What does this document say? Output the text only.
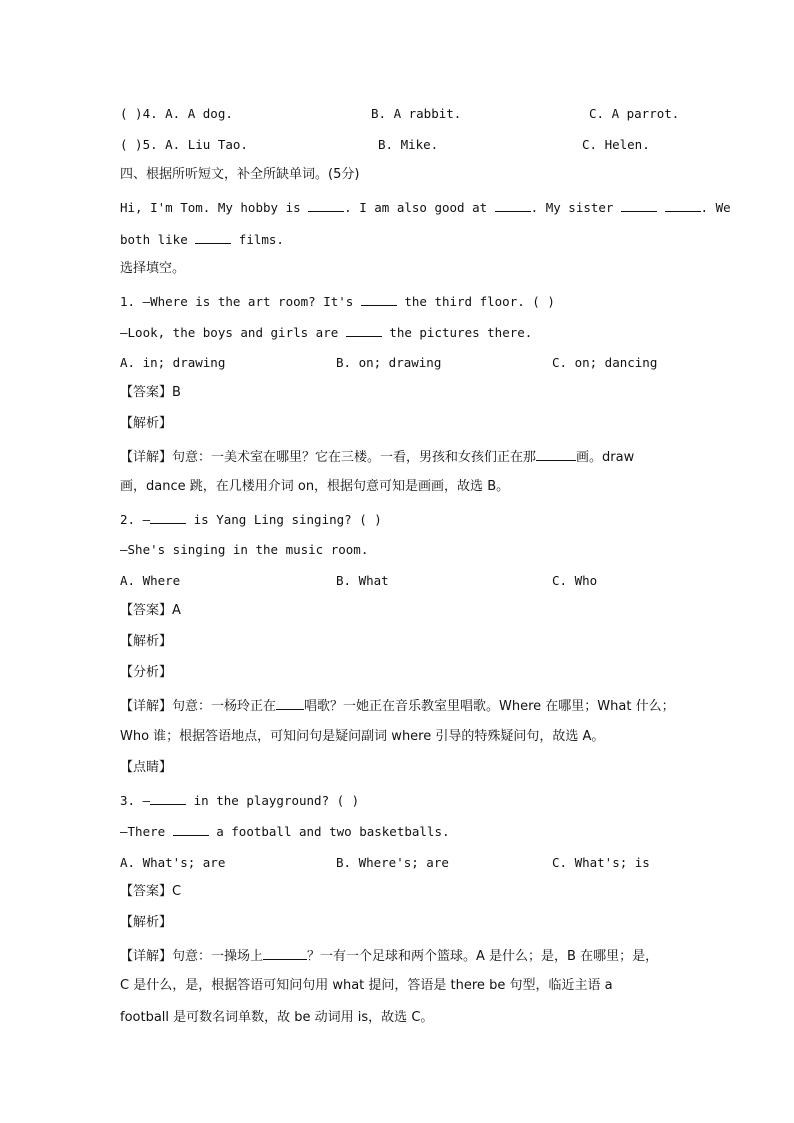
( )4. A. A dog.	B. A rabbit.	C. A parrot.
( )5. A. Liu Tao.	B. Mike.	C. Helen.
四、根据所听短文，补全所缺单词。(5分)
Hi, I'm Tom. My hobby is	. I am also good at	. My sister	. We
both like	films.
选择填空。
1. —Where is the art room? It's	the third floor. ( )
—Look, the boys and girls are	the pictures there.
A. in; drawing	B. on; drawing	C. on; dancing
【答案】B
【解析】
【详解】句意：一美术室在哪里？它在三楼。一看，男孩和女孩们正在那	画。draw
画，dance 跳，在几楼用介词 on，根据句意可知是画画，故选 B。
2. —	is Yang Ling singing? ( )
—She's singing in the music room.
A. Where	B. What	C. Who
【答案】A
【解析】
【分析】
【详解】句意：一杨玲正在 唱歌？一她正在音乐教室里唱歌。Where 在哪里；What 什么；
Who 谁；根据答语地点，可知问句是疑问副词 where 引导的特殊疑问句，故选 A。
【点睛】
3. —	in the playground? ( )
—There	a football and two basketballs.
A. What's; are	B. Where's; are	C. What's; is
【答案】C
【解析】
【详解】句意：一操场上	？一有一个足球和两个篮球。A 是什么；是，B 在哪里；是，
C 是什么，是，根据答语可知问句用 what 提问，答语是 there be 句型，临近主语 a
football 是可数名词单数，故 be 动词用 is，故选 C。
